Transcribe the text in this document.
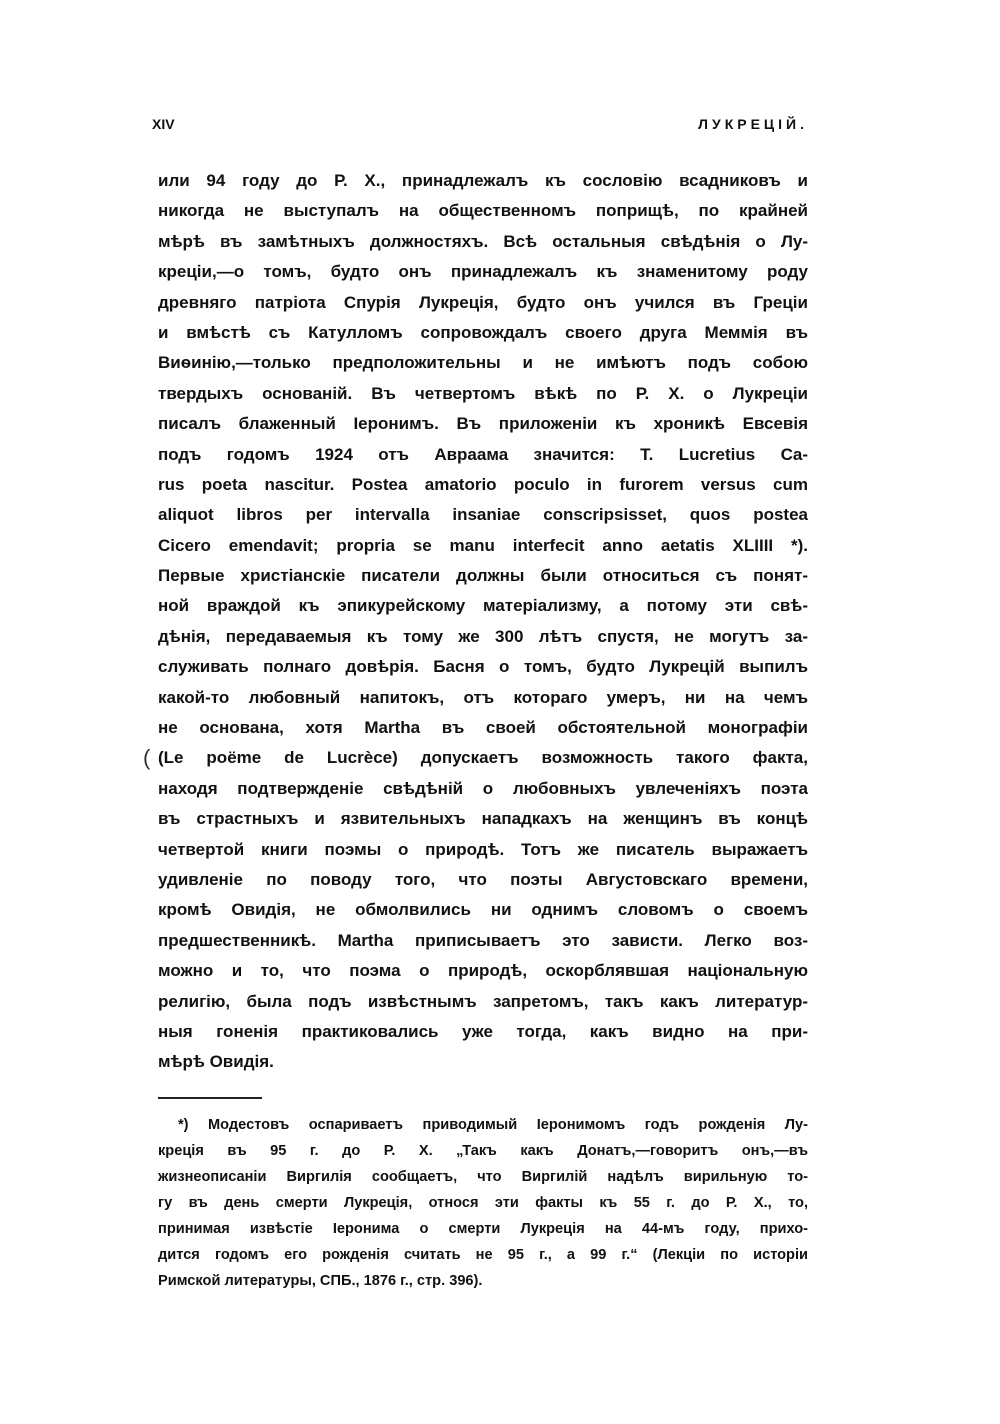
XIV	ЛУКРЕЦІЙ.
(
или 94 году до Р. Х., принадлежалъ къ сословію всадниковъ и
никогда не выступалъ на общественномъ поприщѣ, по крайней
мѣрѣ въ замѣтныхъ должностяхъ. Всѣ остальныя свѣдѣнія о Лу-
креціи,—о томъ, будто онъ принадлежалъ къ знаменитому роду
древняго патріота Спурія Лукреція, будто онъ учился въ Греціи
и вмѣстѣ съ Катулломъ сопровождалъ своего друга Меммія въ
Виѳинію,—только предположительны и не имѣютъ подъ собою
твердыхъ основаній. Въ четвертомъ вѣкѣ по Р. Х. о Лукреціи
писалъ блаженный Іеронимъ. Въ приложеніи къ хроникѣ Евсевія
подъ годомъ 1924 отъ Авраама значится: T. Lucretius Ca-
rus poeta nascitur. Postea amatorio poculo in furorem versus cum
aliquot libros per intervalla insaniae conscripsisset, quos postea
Cicero emendavit; propria se manu interfecit anno aetatis XLIIII *).
Первые христіанскіе писатели должны были относиться съ понят-
ной враждой къ эпикурейскому матеріализму, а потому эти свѣ-
дѣнія, передаваемыя къ тому же 300 лѣтъ спустя, не могутъ за-
служивать полнаго довѣрія. Басня о томъ, будто Лукрецій выпилъ
какой-то любовный напитокъ, отъ котораго умеръ, ни на чемъ
не основана, хотя Martha въ своей обстоятельной монографіи
(Le poëme de Lucrèce) допускаетъ возможность такого факта,
находя подтвержденіе свѣдѣній о любовныхъ увлеченіяхъ поэта
въ страстныхъ и язвительныхъ нападкахъ на женщинъ въ концѣ
четвертой книги поэмы о природѣ. Тотъ же писатель выражаетъ
удивленіе по поводу того, что поэты Августовскаго времени,
кромѣ Овидія, не обмолвились ни однимъ словомъ о своемъ
предшественникѣ. Martha приписываетъ это зависти. Легко воз-
можно и то, что поэма о природѣ, оскорблявшая національную
религію, была подъ извѣстнымъ запретомъ, такъ какъ литератур-
ныя гоненія практиковались уже тогда, какъ видно на при-
мѣрѣ Овидія.
*) Модестовъ оспариваетъ приводимый Іеронимомъ годъ рожденія Лу-
креція въ 95 г. до Р. Х. „Такъ какъ Донатъ,—говоритъ онъ,—въ
жизнеописаніи Виргилія сообщаетъ, что Виргилій надѣлъ вирильную то-
гу въ день смерти Лукреція, относя эти факты къ 55 г. до Р. Х., то,
принимая извѣстіе Іеронима о смерти Лукреція на 44-мъ году, прихо-
дится годомъ его рожденія считать не 95 г., а 99 г.“ (Лекціи по исторіи
Римской литературы, СПБ., 1876 г., стр. 396).
